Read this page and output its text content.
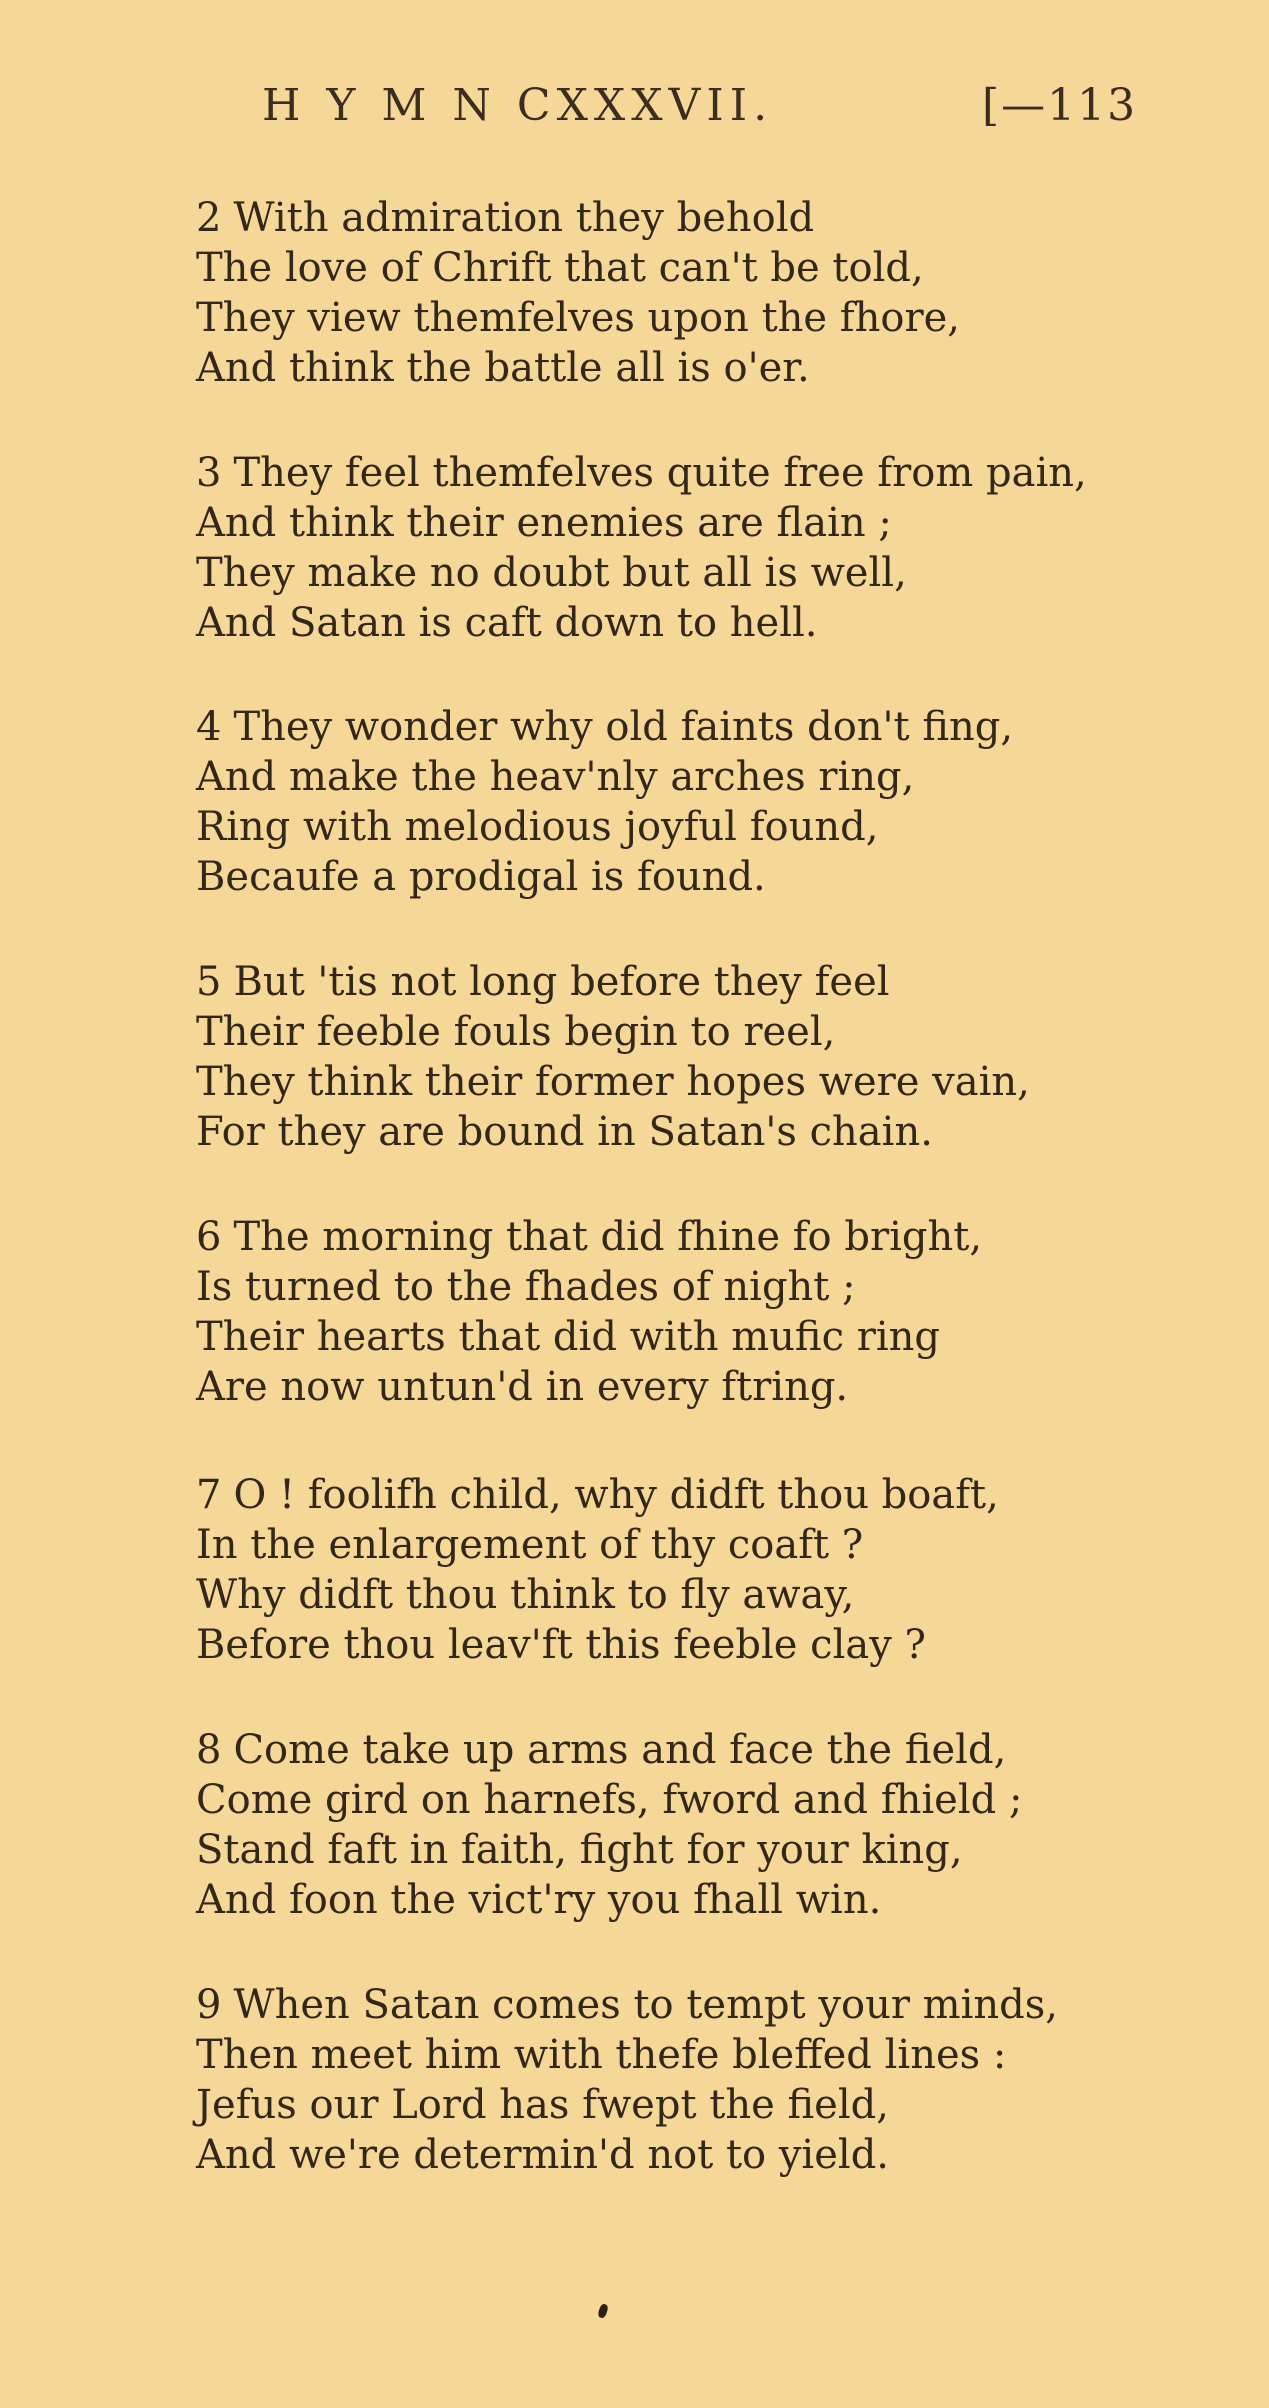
H Y M N CXXXVII.	[—113
2 With admiration they behold
The love of Chrift that can't be told,
They view themfelves upon the fhore,
And think the battle all is o'er.
3 They feel themfelves quite free from pain,
And think their enemies are flain ;
They make no doubt but all is well,
And Satan is caft down to hell.
4 They wonder why old faints don't fing,
And make the heav'nly arches ring,
Ring with melodious joyful found,
Becaufe a prodigal is found.
5 But 'tis not long before they feel
Their feeble fouls begin to reel,
They think their former hopes were vain,
For they are bound in Satan's chain.
6 The morning that did fhine fo bright,
Is turned to the fhades of night ;
Their hearts that did with mufic ring
Are now untun'd in every ftring.
7 O ! foolifh child, why didft thou boaft,
In the enlargement of thy coaft ?
Why didft thou think to fly away,
Before thou leav'ft this feeble clay ?
8 Come take up arms and face the field,
Come gird on harnefs, fword and fhield ;
Stand faft in faith, fight for your king,
And foon the vict'ry you fhall win.
9 When Satan comes to tempt your minds,
Then meet him with thefe bleffed lines :
Jefus our Lord has fwept the field,
And we're determin'd not to yield.
